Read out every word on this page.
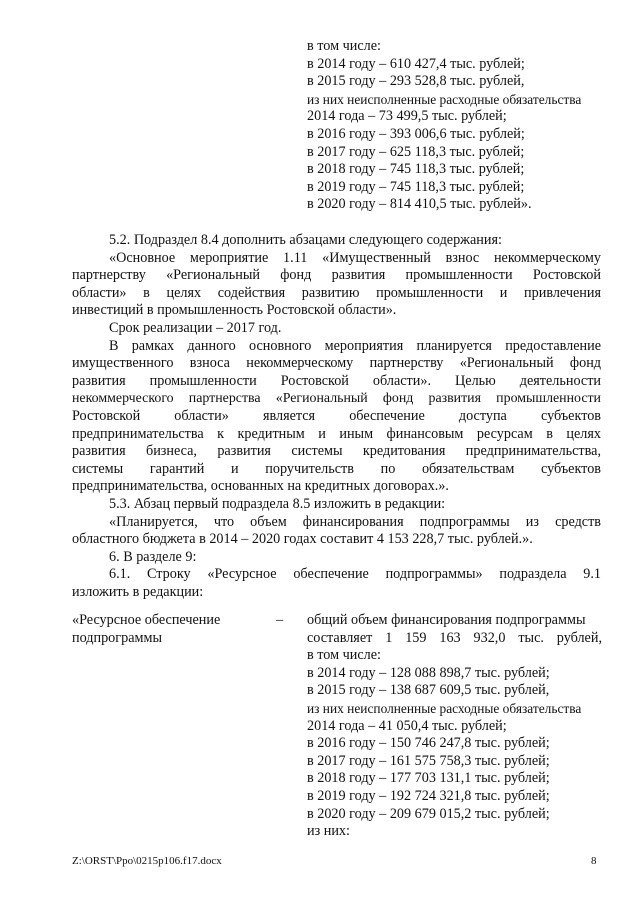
в том числе:
в 2014 году – 610 427,4 тыс. рублей;
в 2015 году – 293 528,8 тыс. рублей,
из них неисполненные расходные обязательства
2014 года – 73 499,5 тыс. рублей;
в 2016 году – 393 006,6 тыс. рублей;
в 2017 году – 625 118,3 тыс. рублей;
в 2018 году – 745 118,3 тыс. рублей;
в 2019 году – 745 118,3 тыс. рублей;
в 2020 году – 814 410,5 тыс. рублей».
5.2. Подраздел 8.4 дополнить абзацами следующего содержания:
«Основное мероприятие 1.11 «Имущественный взнос некоммерческому
партнерству «Региональный фонд развития промышленности Ростовской
области» в целях содействия развитию промышленности и привлечения
инвестиций в промышленность Ростовской области».
Срок реализации – 2017 год.
В рамках данного основного мероприятия планируется предоставление
имущественного взноса некоммерческому партнерству «Региональный фонд
развития промышленности Ростовской области». Целью деятельности
некоммерческого партнерства «Региональный фонд развития промышленности
Ростовской области» является обеспечение доступа субъектов
предпринимательства к кредитным и иным финансовым ресурсам в целях
развития бизнеса, развития системы кредитования предпринимательства,
системы гарантий и поручительств по обязательствам субъектов
предпринимательства, основанных на кредитных договорах.».
5.3. Абзац первый подраздела 8.5 изложить в редакции:
«Планируется, что объем финансирования подпрограммы из средств
областного бюджета в 2014 – 2020 годах составит 4 153 228,7 тыс. рублей.».
6. В разделе 9:
6.1. Строку «Ресурсное обеспечение подпрограммы» подраздела 9.1
изложить в редакции:
«Ресурсное обеспечение
подпрограммы
– общий объем финансирования подпрограммы
составляет 1 159 163 932,0 тыс. рублей,
в том числе:
в 2014 году – 128 088 898,7 тыс. рублей;
в 2015 году – 138 687 609,5 тыс. рублей,
из них неисполненные расходные обязательства
2014 года – 41 050,4 тыс. рублей;
в 2016 году – 150 746 247,8 тыс. рублей;
в 2017 году – 161 575 758,3 тыс. рублей;
в 2018 году – 177 703 131,1 тыс. рублей;
в 2019 году – 192 724 321,8 тыс. рублей;
в 2020 году – 209 679 015,2 тыс. рублей;
из них:
Z:\ORST\Ppo\0215p106.f17.docx	8
